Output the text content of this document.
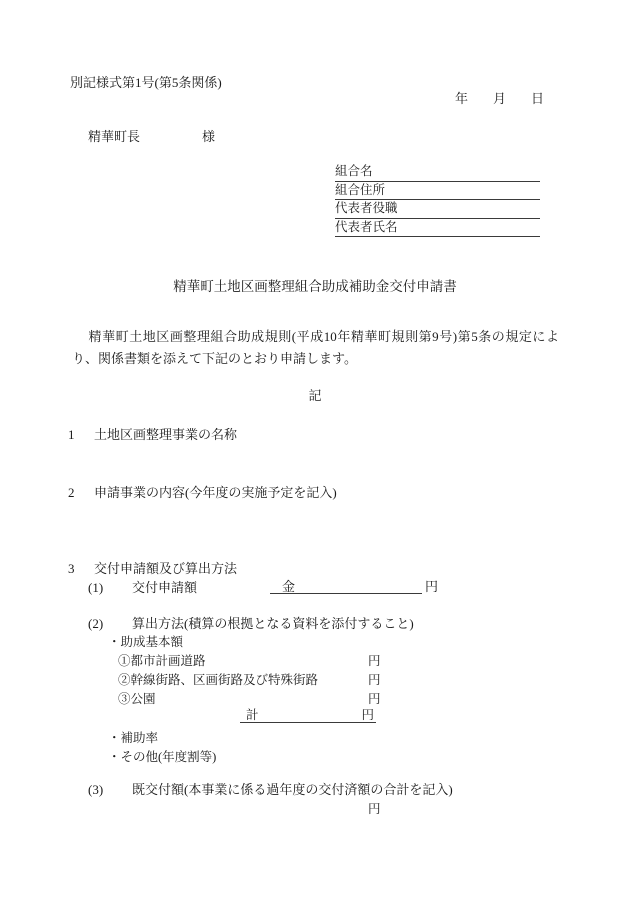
別記様式第1号(第5条関係)
年 月 日
精華町長	様
組合名
組合住所
代表者役職
代表者氏名
精華町土地区画整理組合助成補助金交付申請書
精華町土地区画整理組合助成規則(平成10年精華町規則第9号)第5条の規定により、関係書類を添えて下記のとおり申請します。
記
1 土地区画整理事業の名称
2 申請事業の内容(今年度の実施予定を記入)
3 交付申請額及び算出方法
(1) 交付申請額	金	円
(2) 算出方法(積算の根拠となる資料を添付すること)
・助成基本額
①都市計画道路	円
②幹線街路、区画街路及び特殊街路	円
③公園	円
計	円
・補助率
・その他(年度割等)
(3) 既交付額(本事業に係る過年度の交付済額の合計を記入)
円
